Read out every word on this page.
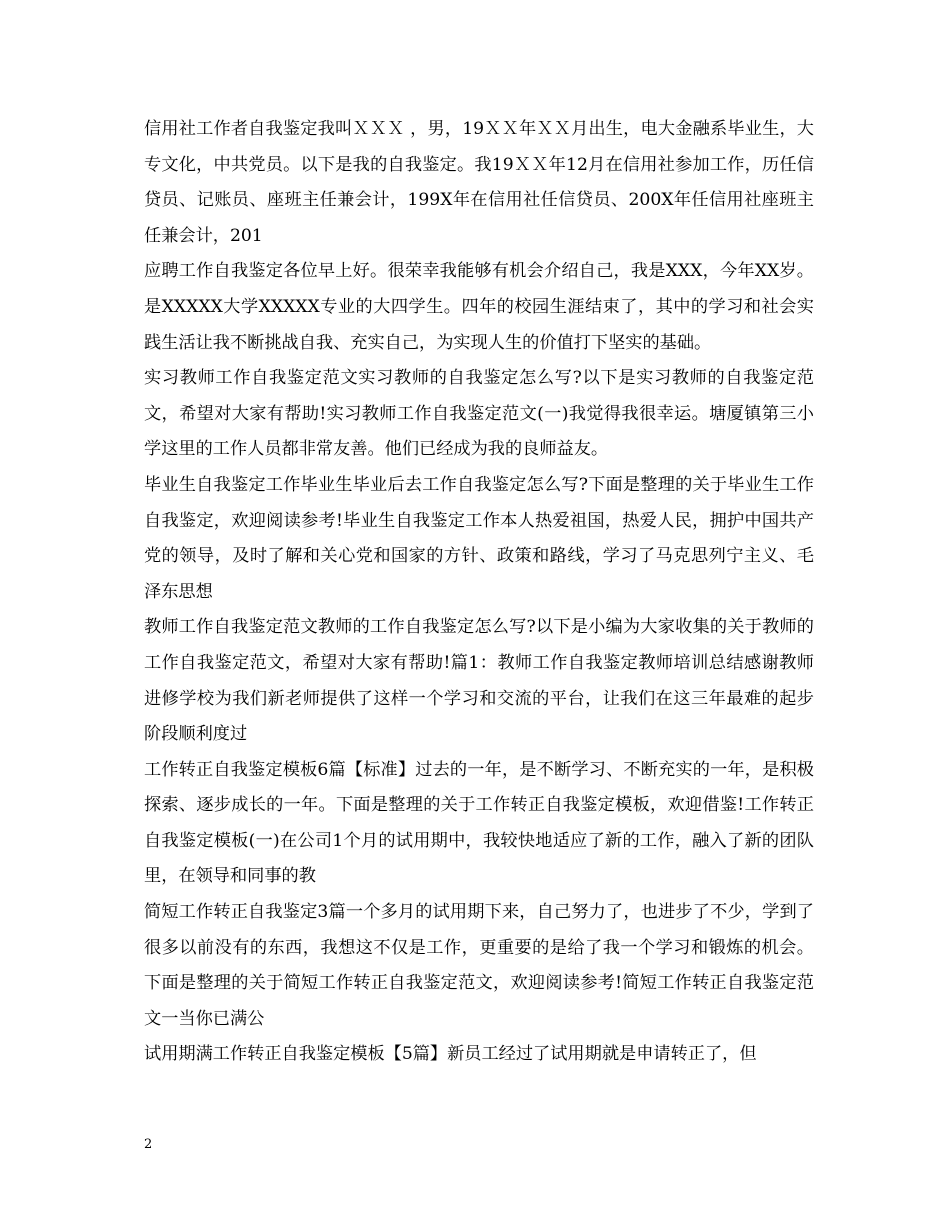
信用社工作者自我鉴定我叫ＸＸＸ ，男，19ＸＸ年ＸＸ月出生，电大金融系毕业生，大专文化，中共党员。以下是我的自我鉴定。我19ＸＸ年12月在信用社参加工作，历任信贷员、记账员、座班主任兼会计，199X年在信用社任信贷员、200X年任信用社座班主任兼会计，201

应聘工作自我鉴定各位早上好。很荣幸我能够有机会介绍自己，我是XXX，今年XX岁。是XXXXX大学XXXXX专业的大四学生。四年的校园生涯结束了，其中的学习和社会实践生活让我不断挑战自我、充实自己，为实现人生的价值打下坚实的基础。

实习教师工作自我鉴定范文实习教师的自我鉴定怎么写?以下是实习教师的自我鉴定范文，希望对大家有帮助!实习教师工作自我鉴定范文(一)我觉得我很幸运。塘厦镇第三小学这里的工作人员都非常友善。他们已经成为我的良师益友。

毕业生自我鉴定工作毕业生毕业后去工作自我鉴定怎么写?下面是整理的关于毕业生工作自我鉴定，欢迎阅读参考!毕业生自我鉴定工作本人热爱祖国，热爱人民，拥护中国共产党的领导，及时了解和关心党和国家的方针、政策和路线，学习了马克思列宁主义、毛泽东思想

教师工作自我鉴定范文教师的工作自我鉴定怎么写?以下是小编为大家收集的关于教师的工作自我鉴定范文，希望对大家有帮助!篇1：教师工作自我鉴定教师培训总结感谢教师进修学校为我们新老师提供了这样一个学习和交流的平台，让我们在这三年最难的起步阶段顺利度过

工作转正自我鉴定模板6篇【标准】过去的一年，是不断学习、不断充实的一年，是积极探索、逐步成长的一年。下面是整理的关于工作转正自我鉴定模板，欢迎借鉴!工作转正自我鉴定模板(一)在公司1个月的试用期中，我较快地适应了新的工作，融入了新的团队里，在领导和同事的教

简短工作转正自我鉴定3篇一个多月的试用期下来，自己努力了，也进步了不少，学到了很多以前没有的东西，我想这不仅是工作，更重要的是给了我一个学习和锻炼的机会。下面是整理的关于简短工作转正自我鉴定范文，欢迎阅读参考!简短工作转正自我鉴定范文一当你已满公

试用期满工作转正自我鉴定模板【5篇】新员工经过了试用期就是申请转正了，但

2
